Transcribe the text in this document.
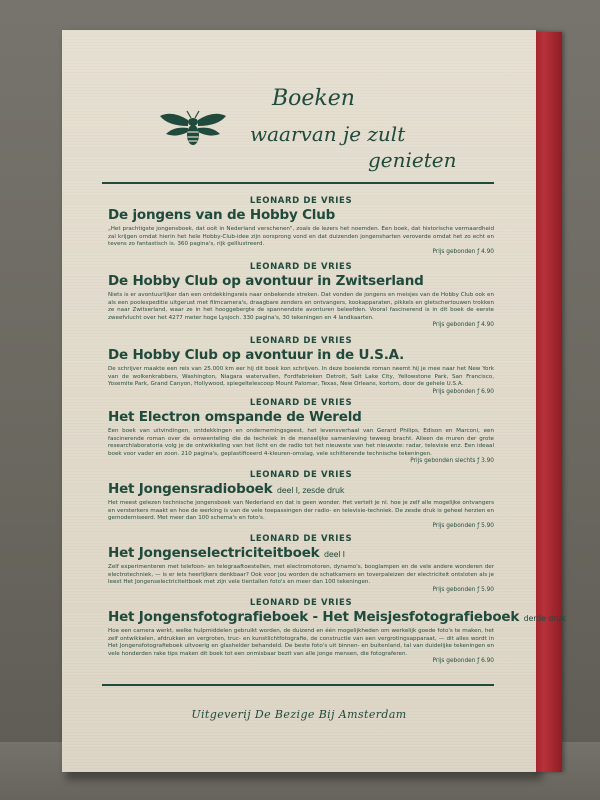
Boeken
waarvan je zult
genieten
LEONARD DE VRIES
De jongens van de Hobby Club
„Het prachtigste jongensboek, dat ooit in Nederland verschenen", zoals de lezers het noemden. Een boek, dat historische vermaardheid zal krijgen omdat hierin het hele Hobby-Club-idee zijn oorsprong vond en dat duizenden jongensharten veroverde omdat het zo echt en tevens zo fantastisch is. 360 pagina's, rijk geïllustreerd.
Prijs gebonden ƒ 4.90
LEONARD DE VRIES
De Hobby Club op avontuur in Zwitserland
Niets is er avontuurlijker dan een ontdekkingsreis naar onbekende streken. Dat vonden de jongens en meisjes van de Hobby Club ook en als een poolexpeditie uitgerust met filmcamera's, draagbare zenders en ontvangers, kookapparaten, pikkels en gletschertouwen trokken ze naar Zwitserland, waar ze in het hooggebergte de spannendste avonturen beleefden. Vooral fascinerend is in dit boek de eerste zweefvlucht over het 4277 meter hoge Lysjoch. 330 pagina's, 30 tekeningen en 4 landkaarten.
Prijs gebonden ƒ 4.90
LEONARD DE VRIES
De Hobby Club op avontuur in de U.S.A.
De schrijver maakte een reis van 25.000 km eer hij dit boek kon schrijven. In deze boeiende roman neemt hij je mee naar het New York van de wolkenkrabbers, Washington, Niagara watervallen, Fordfabrieken Detroit, Salt Lake City, Yellowstone Park, San Francisco, Yosemite Park, Grand Canyon, Hollywood, spiegeltelescoop Mount Palomar, Texas, New Orleans, kortom, door de gehele U.S.A.
Prijs gebonden ƒ 6.90
LEONARD DE VRIES
Het Electron omspande de Wereld
Een boek van uitvindingen, ontdekkingen en ondernemingsgeest, het levensverhaal van Gerard Philips, Edison en Marconi, een fascinerende roman over de omwenteling die de techniek in de menselijke samenleving teweeg bracht. Alleen de muren der grote researchlaboratoria volg je de ontwikkeling van het licht en de radio tot het nieuwste van het nieuwste: radar, televisie enz. Een ideaal boek voor vader en zoon. 210 pagina's, geplastificeerd 4-kleuren-omslag, vele schitterende technische tekeningen.
Prijs gebonden slechts ƒ 3.90
LEONARD DE VRIES
Het Jongensradioboek deel I, zesde druk
Het meest gelezen technische jongensboek van Nederland en dat is geen wonder. Het vertelt je nl. hoe je zelf alle mogelijke ontvangers en versterkers maakt en hoe de werking is van de vele toepassingen der radio- en televisie-techniek. De zesde druk is geheel herzien en gemoderniseerd. Met meer dan 100 schema's en foto's.
Prijs gebonden ƒ 5.90
LEONARD DE VRIES
Het Jongenselectriciteitboek deel I
Zelf experimenteren met telefoon- en telegraaftoestellen, met electromotoren, dynamo's, booglampen en de vele andere wonderen der electrotechniek, — is er iets heerlijkers denkbaar? Ook voor jou worden de schatkamers en toverpaleizen der electriciteit ontsloten als je leest Het Jongenselectriciteitboek met zijn vele tientallen foto's en meer dan 100 tekeningen.
Prijs gebonden ƒ 5.90
LEONARD DE VRIES
Het Jongensfotografieboek - Het Meisjesfotografieboek derde druk
Hoe een camera werkt, welke hulpmiddelen gebruikt worden, de duizend en één mogelijkheden om werkelijk goede foto's te maken, het zelf ontwikkelen, afdrukken en vergroten, truc- en kunstlichtfotografie, de constructie van een vergrotingsapparaat, — dit alles wordt in Het Jongensfotografieboek uitvoerig en glashelder behandeld. De beste foto's uit binnen- en buitenland, tal van duidelijke tekeningen en vele honderden rake tips maken dit boek tot een onmisbaar bezit van alle jonge mensen, die fotograferen.
Prijs gebonden ƒ 6.90
Uitgeverij De Bezige Bij Amsterdam
